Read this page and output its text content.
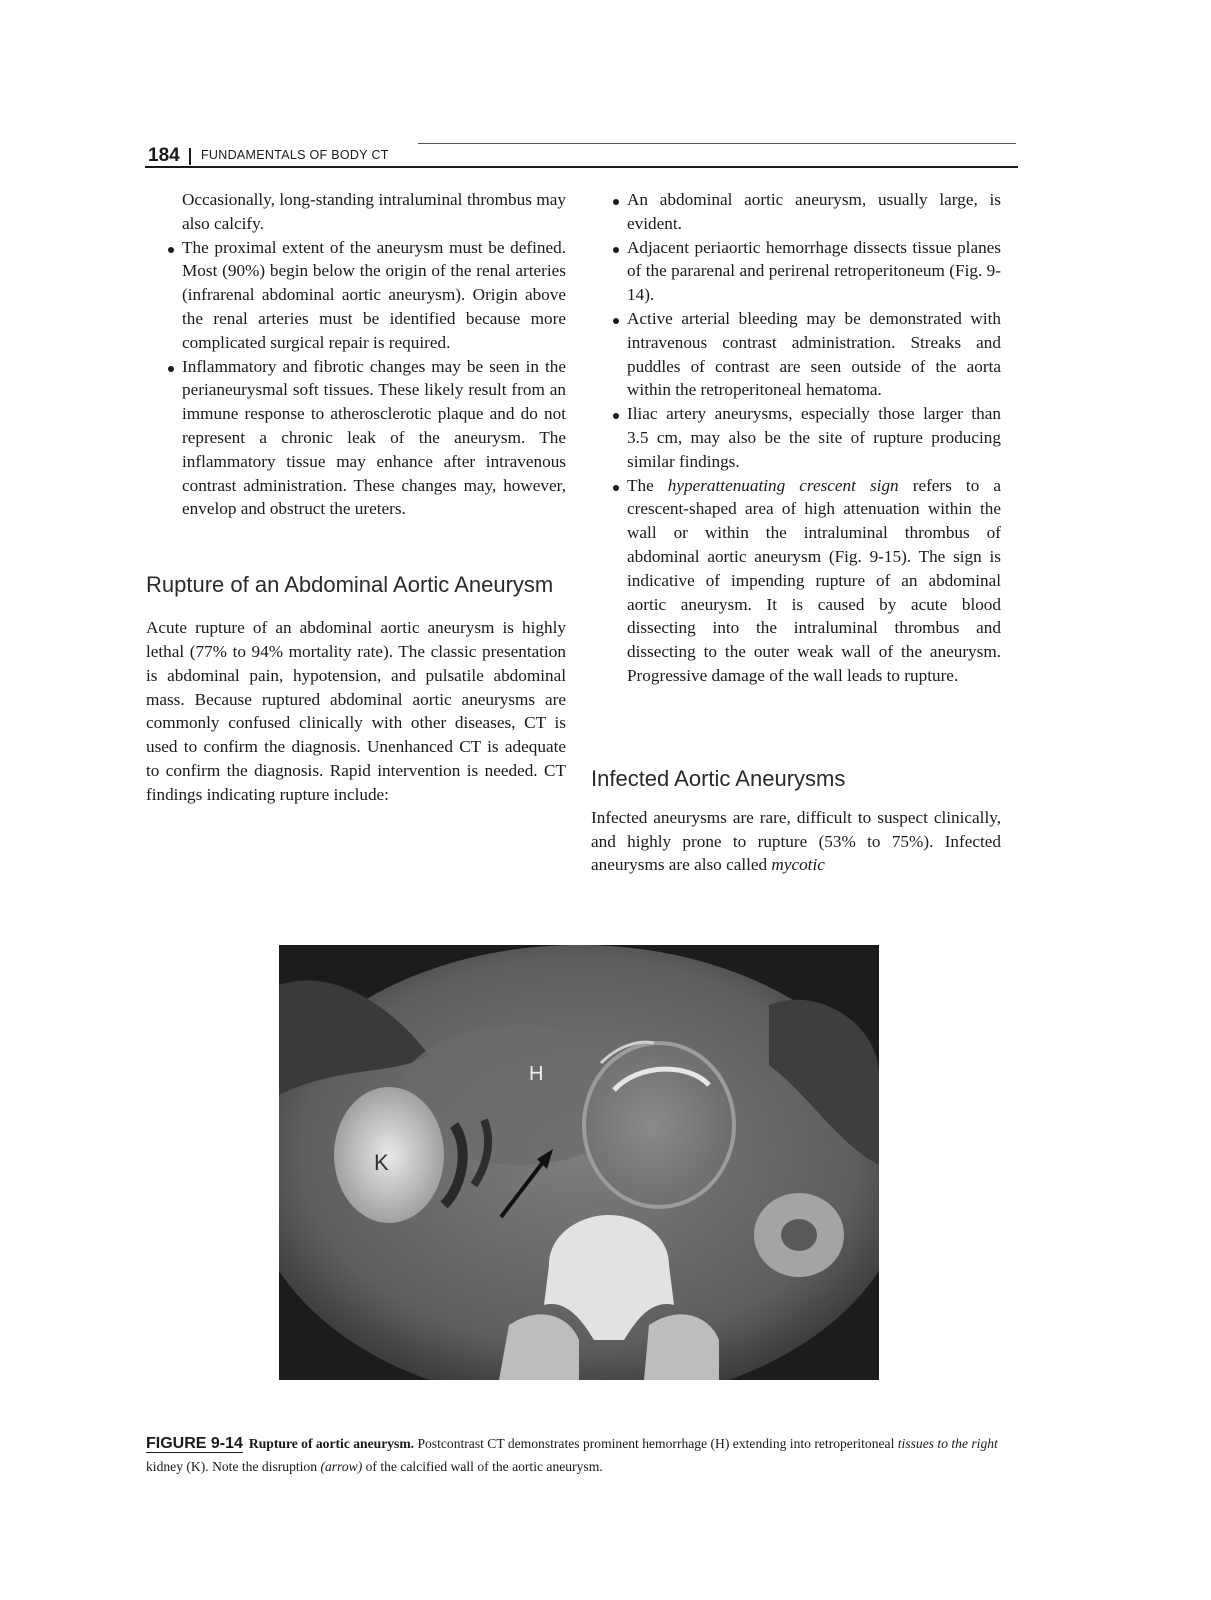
184 FUNDAMENTALS OF BODY CT

Occasionally, long-standing intraluminal thrombus may also calcify.

The proximal extent of the aneurysm must be defined. Most (90%) begin below the origin of the renal arteries (infrarenal abdominal aortic aneurysm). Origin above the renal arteries must be identified because more complicated surgical repair is required.
Inflammatory and fibrotic changes may be seen in the perianeurysmal soft tissues. These likely result from an immune response to atherosclerotic plaque and do not represent a chronic leak of the aneurysm. The inflammatory tissue may enhance after intravenous contrast administration. These changes may, however, envelop and obstruct the ureters.
Rupture of an Abdominal Aortic Aneurysm

Acute rupture of an abdominal aortic aneurysm is highly lethal (77% to 94% mortality rate). The classic presentation is abdominal pain, hypotension, and pulsatile abdominal mass. Because ruptured abdominal aortic aneurysms are commonly confused clinically with other diseases, CT is used to confirm the diagnosis. Unenhanced CT is adequate to confirm the diagnosis. Rapid intervention is needed. CT findings indicating rupture include:

An abdominal aortic aneurysm, usually large, is evident.
Adjacent periaortic hemorrhage dissects tissue planes of the pararenal and perirenal retroperitoneum (Fig. 9-14).
Active arterial bleeding may be demonstrated with intravenous contrast administration. Streaks and puddles of contrast are seen outside of the aorta within the retroperitoneal hematoma.
Iliac artery aneurysms, especially those larger than 3.5 cm, may also be the site of rupture producing similar findings.
The hyperattenuating crescent sign refers to a crescent-shaped area of high attenuation within the wall or within the intraluminal thrombus of abdominal aortic aneurysm (Fig. 9-15). The sign is indicative of impending rupture of an abdominal aortic aneurysm. It is caused by acute blood dissecting into the intraluminal thrombus and dissecting to the outer weak wall of the aneurysm. Progressive damage of the wall leads to rupture.
Infected Aortic Aneurysms

Infected aneurysms are rare, difficult to suspect clinically, and highly prone to rupture (53% to 75%). Infected aneurysms are also called mycotic

H
K
FIGURE 9-14 Rupture of aortic aneurysm. Postcontrast CT demonstrates prominent hemorrhage (H) extending into retroperitoneal tissues to the right kidney (K). Note the disruption (arrow) of the calcified wall of the aortic aneurysm.
